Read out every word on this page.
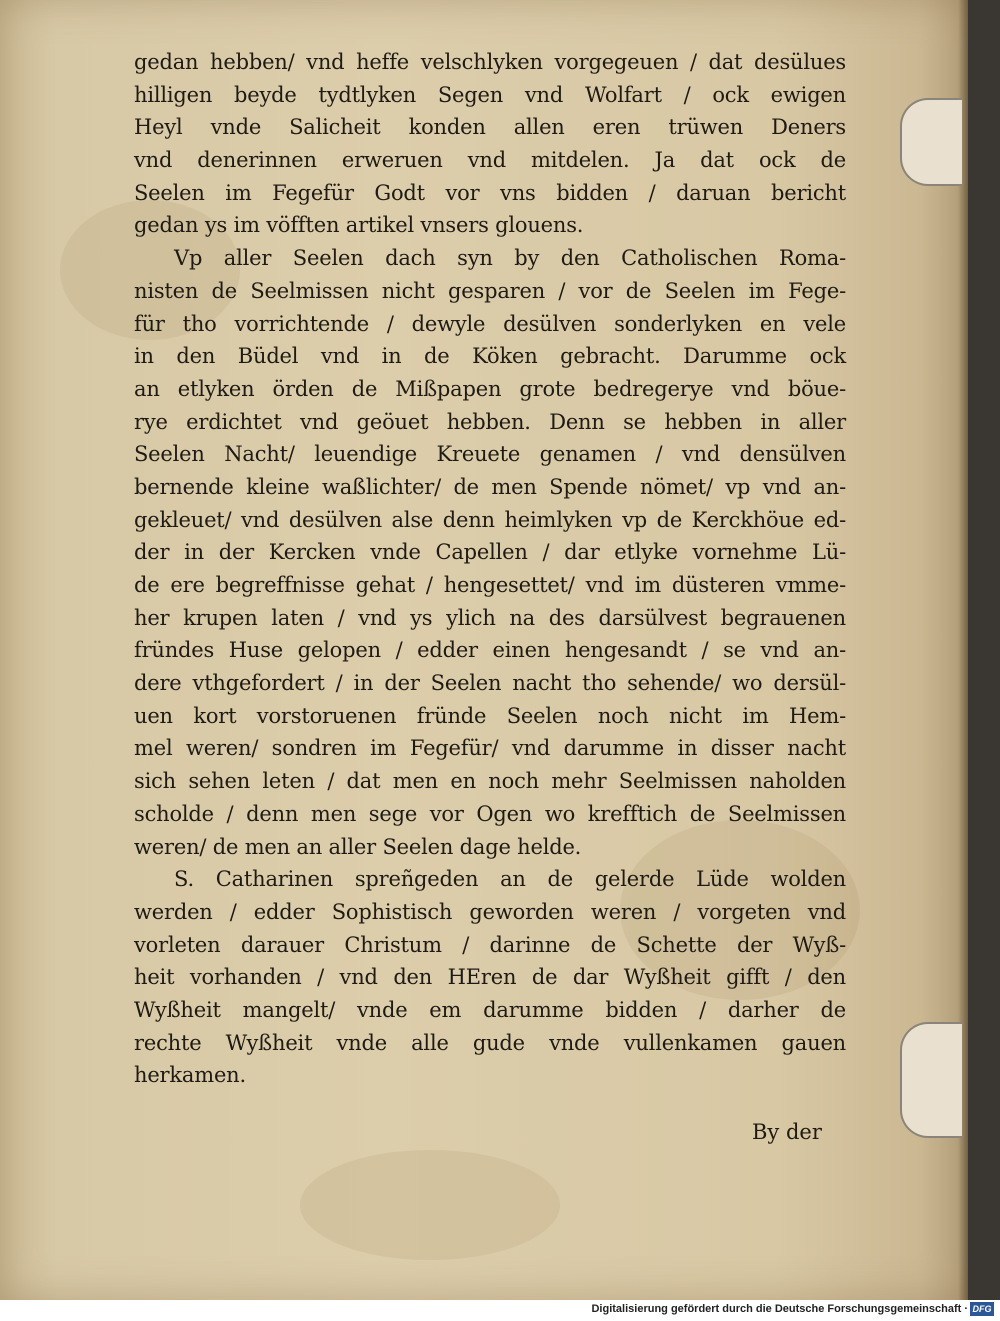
gedan hebben/ vnd heffe velschlyken vorgegeuen / dat desülues
hilligen beyde tydtlyken Segen vnd Wolfart / ock ewigen
Heyl vnde Salicheit konden allen eren trüwen Deners
vnd denerinnen erweruen vnd mitdelen. Ja dat ock de
Seelen im Fegefür Godt vor vns bidden / daruan bericht
gedan ys im vöfften artikel vnsers glouens.
Vp aller Seelen dach syn by den Catholischen Roma-
nisten de Seelmissen nicht gesparen / vor de Seelen im Fege-
für tho vorrichtende / dewyle desülven sonderlyken en vele
in den Büdel vnd in de Köken gebracht. Darumme ock
an etlyken örden de Mißpapen grote bedregerye vnd böue-
rye erdichtet vnd geöuet hebben. Denn se hebben in aller
Seelen Nacht/ leuendige Kreuete genamen / vnd densülven
bernende kleine waßlichter/ de men Spende nömet/ vp vnd an-
gekleuet/ vnd desülven alse denn heimlyken vp de Kerckhöue ed-
der in der Kercken vnde Capellen / dar etlyke vornehme Lü-
de ere begreffnisse gehat / hengesettet/ vnd im düsteren vmme-
her krupen laten / vnd ys ylich na des darsülvest begrauenen
fründes Huse gelopen / edder einen hengesandt / se vnd an-
dere vthgefordert / in der Seelen nacht tho sehende/ wo dersül-
uen kort vorstoruenen fründe Seelen noch nicht im Hem-
mel weren/ sondren im Fegefür/ vnd darumme in disser nacht
sich sehen leten / dat men en noch mehr Seelmissen naholden
scholde / denn men sege vor Ogen wo krefftich de Seelmissen
weren/ de men an aller Seelen dage helde.
S. Catharinen spreñgeden an de gelerde Lüde wolden
werden / edder Sophistisch geworden weren / vorgeten vnd
vorleten darauer Christum / darinne de Schette der Wyß-
heit vorhanden / vnd den HEren de dar Wyßheit gifft / den
Wyßheit mangelt/ vnde em darumme bidden / darher de
rechte Wyßheit vnde alle gude vnde vullenkamen gauen
herkamen.
By der
Digitalisierung gefördert durch die Deutsche Forschungsgemeinschaft · DFG
